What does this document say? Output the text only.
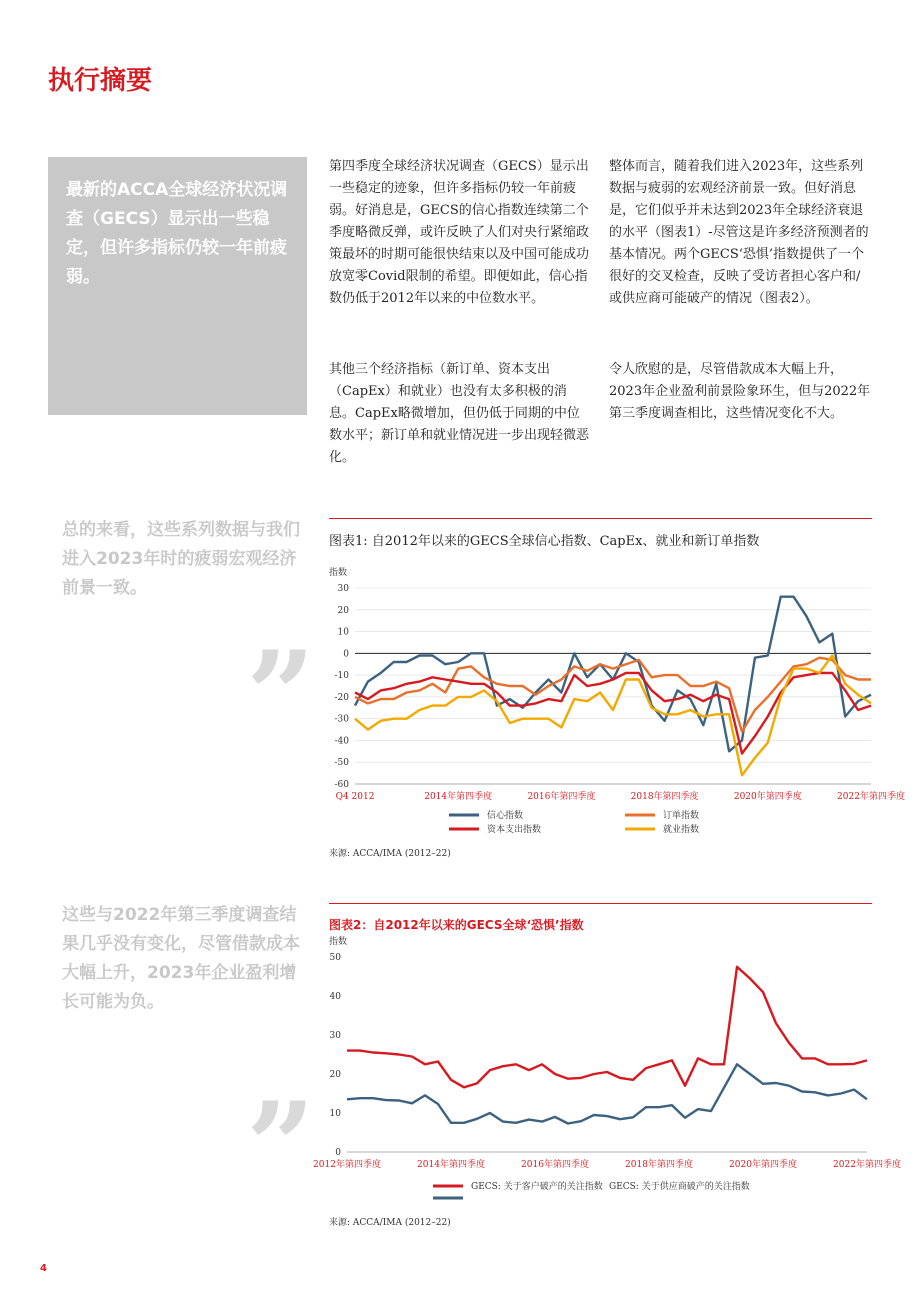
执行摘要
最新的ACCA全球经济状况调查（GECS）显示出一些稳定，但许多指标仍较一年前疲弱。
第四季度全球经济状况调查（GECS）显示出一些稳定的迹象，但许多指标仍较一年前疲弱。好消息是，GECS的信心指数连续第二个季度略微反弹，或许反映了人们对央行紧缩政策最坏的时期可能很快结束以及中国可能成功放宽零Covid限制的希望。即便如此，信心指数仍低于2012年以来的中位数水平。
其他三个经济指标（新订单、资本支出（CapEx）和就业）也没有太多积极的消息。CapEx略微增加，但仍低于同期的中位数水平；新订单和就业情况进一步出现轻微恶化。
整体而言，随着我们进入2023年，这些系列数据与疲弱的宏观经济前景一致。但好消息是，它们似乎并未达到2023年全球经济衰退的水平（图表1）-尽管这是许多经济预测者的基本情况。两个GECS‘恐惧’指数提供了一个很好的交叉检查，反映了受访者担心客户和/或供应商可能破产的情况（图表2）。
令人欣慰的是，尽管借款成本大幅上升，2023年企业盈利前景险象环生，但与2022年第三季度调查相比，这些情况变化不大。
总的来看，这些系列数据与我们进入2023年时的疲弱宏观经济前景一致。
”
这些与2022年第三季度调查结果几乎没有变化，尽管借款成本大幅上升，2023年企业盈利增长可能为负。
”
图表1: 自2012年以来的GECS全球信心指数、CapEx、就业和新订单指数
指数
30
20
10
0
-10
-20
-30
-40
-50
-60
Q4 2012	2014年第四季度	2016年第四季度	2018年第四季度	2020年第四季度	2022年第四季度
信心指数	订单指数
资本支出指数	就业指数
来源: ACCA/IMA (2012–22)
图表2：自2012年以来的GECS全球‘恐惧’指数
指数
50
40
30
20
10
0
2012年第四季度	2014年第四季度	2016年第四季度	2018年第四季度	2020年第四季度	2022年第四季度
GECS: 关于客户破产的关注指数 GECS: 关于供应商破产的关注指数
来源: ACCA/IMA (2012–22)
4
